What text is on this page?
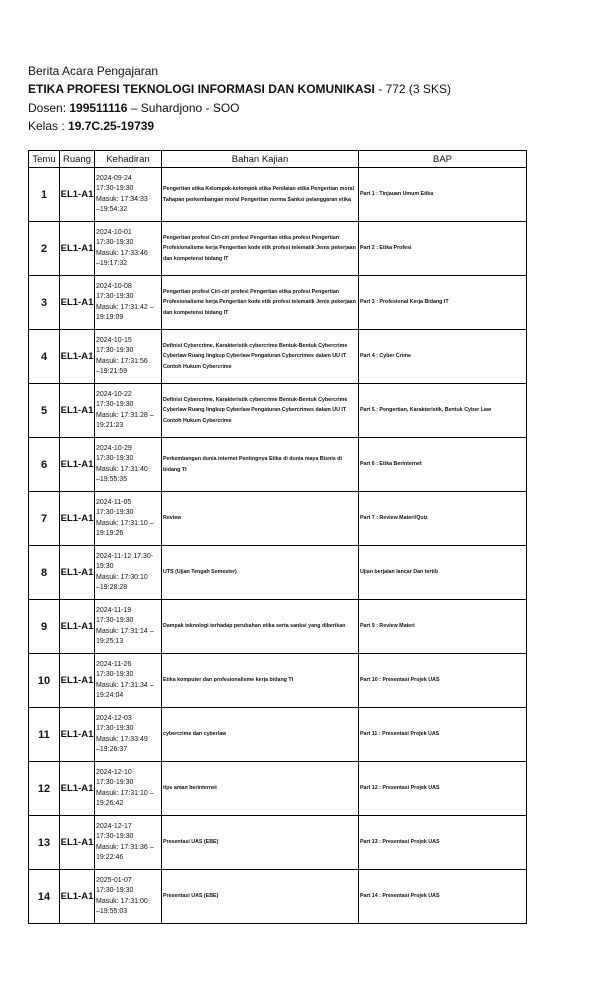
Berita Acara Pengajaran
ETIKA PROFESI TEKNOLOGI INFORMASI DAN KOMUNIKASI - 772 (3 SKS)
Dosen: 199511116 – Suhardjono - SOO
Kelas : 19.7C.25-19739
Temu	Ruang	Kehadiran	Bahan Kajian	BAP
1	EL1-A1	2024-09-24
17:30-19:30
Masuk: 17:34:33
–19:54:32	Pengertian etika Kelompok-kelompok etika Penilaian etika Pengertian moral Tahapan perkembangan moral Pengertian norma Sanksi pelanggaran etika	Part 1 : Tinjauan Umum Etika
2	EL1-A1	2024-10-01
17:30-19:30
Masuk: 17:33:46
–19:17:32	Pengertian profesi Ciri-ciri profesi Pengertian etika profesi Pengertian Profesionalisme kerja Pengertian kode etik profesi telematik Jenis pekerjaan dan kompetensi bidang IT	Part 2 : Etika Profesi
3	EL1-A1	2024-10-08
17:30-19:30
Masuk: 17:31:42 –
19:19:09	Pengertian profesi Ciri-ciri profesi Pengertian etika profesi Pengertian Profesionalisme kerja Pengertian kode etik profesi telematik Jenis pekerjaan dan kompetensi bidang IT	Part 3 : Profesional Kerja Bidang IT
4	EL1-A1	2024-10-15
17:30-19:30
Masuk: 17:31:56
–19:21:59	Definisi Cybercrime, Karakteristik cybercrime Bentuk-Bentuk Cybercrime Cyberlaw Ruang lingkup Cyberlaw Pengaturan Cybercrimes dalam UU IT Contoh Hukum Cybercrime	Part 4 : Cyber Crime
5	EL1-A1	2024-10-22
17:30-19:30
Masuk: 17:31:28 –
19:21:23	Definisi Cybercrime, Karakteristik cybercrime Bentuk-Bentuk Cybercrime Cyberlaw Ruang lingkup Cyberlaw Pengaturan Cybercrimes dalam UU IT Contoh Hukum Cybercrime	Part 5 : Pengertian, Karakteristik, Bentuk Cyber Law
6	EL1-A1	2024-10-29
17:30-19:30
Masuk: 17:31:40
–19:55:35	Perkembangan dunia internet Pentingnya Etika di dunia maya Bisnis di bidang TI	Part 6 : Etika Berinternet
7	EL1-A1	2024-11-05
17:30-19:30
Masuk: 17:31:10 –
19:19:26	Review	Part 7 : Review Materi/Quiz
8	EL1-A1	2024-11-12 17:30-
19:30
Masuk: 17:30:10
–19:28:28	UTS (Ujian Tengah Semester)	Ujian berjalan lancar Dan tertib
9	EL1-A1	2024-11-19
17:30-19:30
Masuk: 17:31:14 –
19:25:13	Dampak teknologi terhadap perubahan etika serta sanksi yang diberikan	Part 9 : Review Materi
10	EL1-A1	2024-11-26
17:30-19:30
Masuk: 17:31:34 –
19:24:04	Etika komputer dan profesionalisme kerja bidang TI	Part 10 : Presentasi Projek UAS
11	EL1-A1	2024-12-03
17:30-19:30
Masuk: 17:33:49
–19:26:37	cybercrime dan cyberlaw	Part 11 : Presentasi Projek UAS
12	EL1-A1	2024-12-10
17:30-19:30
Masuk: 17:31:10 –
19:26:42	tips aman berinternet	Part 12 : Presentasi Projek UAS
13	EL1-A1	2024-12-17
17:30-19:30
Masuk: 17:31:36 –
19:22:46	Presentasi UAS (EBE)	Part 13 : Presentasi Projek UAS
14	EL1-A1	2025-01-07
17:30-19:30
Masuk: 17:31:00
–19:55:03	Presentasi UAS (EBE)	Part 14 : Presentasi Projek UAS
